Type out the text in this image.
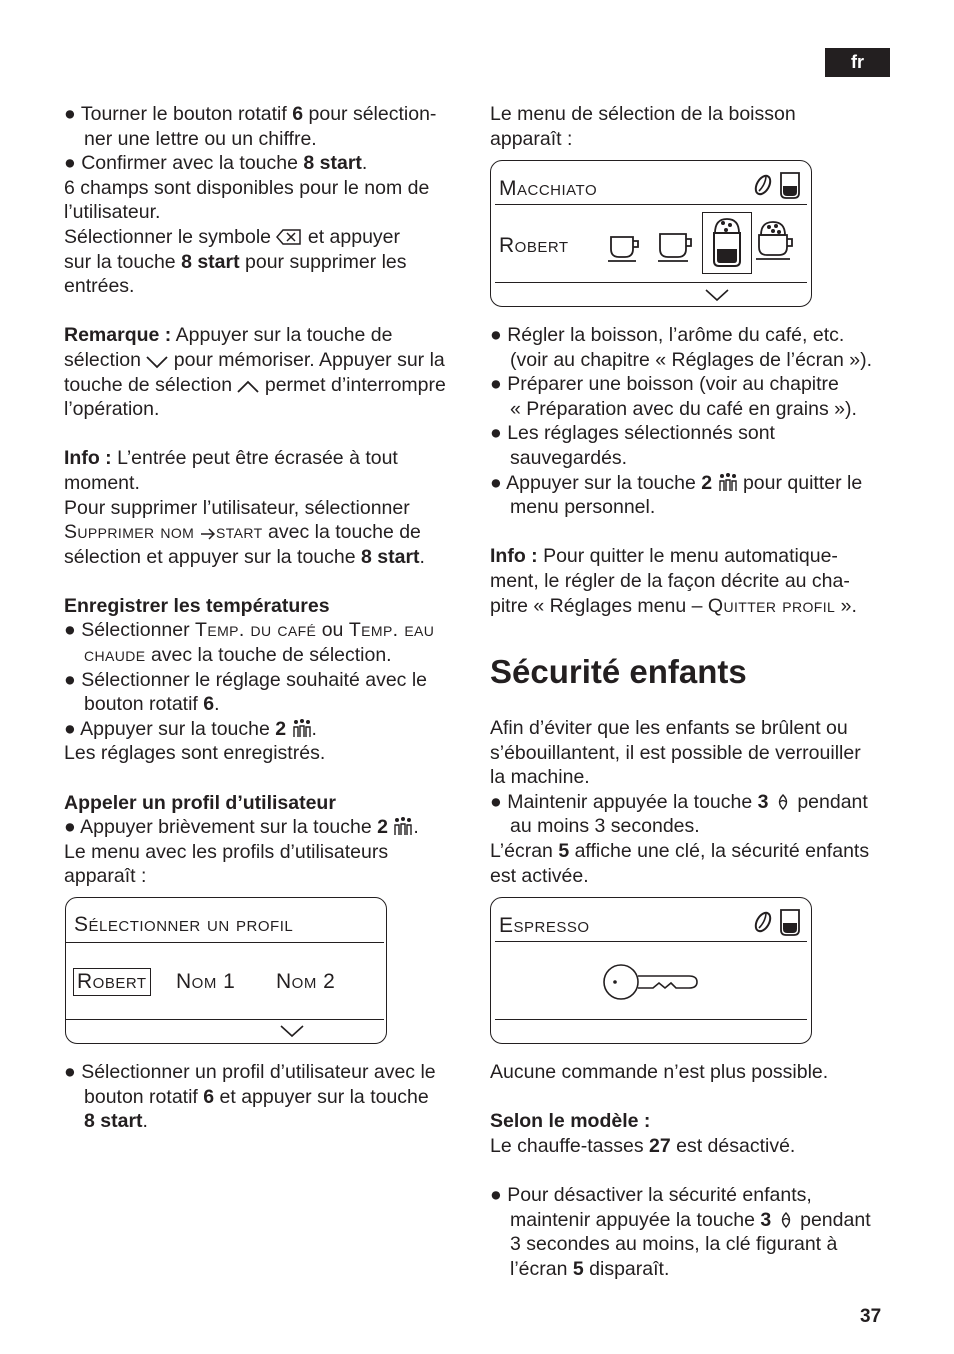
fr

● Tourner le bouton rotatif 6 pour sélection-
ner une lettre ou un chiffre.

● Confirmer avec la touche 8 start.

6 champs sont disponibles pour le nom de
l’utilisateur.
Sélectionner le symbole
et appuyer
sur la touche 8 start pour supprimer les
entrées.

Remarque : Appuyer sur la touche de
sélection
pour mémoriser. Appuyer sur la
touche de sélection
permet d’interrompre
l’opération.

Info : L’entrée peut être écrasée à tout
moment.
Pour supprimer l’utilisateur, sélectionner
Supprimer nom
start avec la touche de
sélection et appuyer sur la touche 8 start.

Enregistrer les températures

● Sélectionner Temp. du café ou Temp. eau
chaude avec la touche de sélection.

● Sélectionner le réglage souhaité avec le
bouton rotatif 6.

● Appuyer sur la touche 2 .

Les réglages sont enregistrés.

Appeler un profil d’utilisateur

● Appuyer brièvement sur la touche 2 .

Le menu avec les profils d’utilisateurs
apparaît :

Sélectionner un profil
Robert Nom 1 Nom 2

● Sélectionner un profil d’utilisateur avec le
bouton rotatif 6 et appuyer sur la touche
8 start.

Le menu de sélection de la boisson
apparaît :

Macchiato
Robert

● Régler la boisson, l’arôme du café, etc.
(voir au chapitre « Réglages de l’écran »).

● Préparer une boisson (voir au chapitre
« Préparation avec du café en grains »).

● Les réglages sélectionnés sont
sauvegardés.

● Appuyer sur la touche 2
pour quitter le
menu personnel.

Info : Pour quitter le menu automatique-
ment, le régler de la façon décrite au cha-
pitre « Réglages menu – Quitter profil ».

Sécurité enfants

Afin d’éviter que les enfants se brûlent ou
s’ébouillantent, il est possible de verrouiller
la machine.

● Maintenir appuyée la touche 3
pendant
au moins 3 secondes.

L’écran 5 affiche une clé, la sécurité enfants
est activée.

Espresso

Aucune commande n’est plus possible.

Selon le modèle :

Le chauffe-tasses 27 est désactivé.

● Pour désactiver la sécurité enfants,
maintenir appuyée la touche 3
pendant
3 secondes au moins, la clé figurant à
l’écran 5 disparaît.

37
